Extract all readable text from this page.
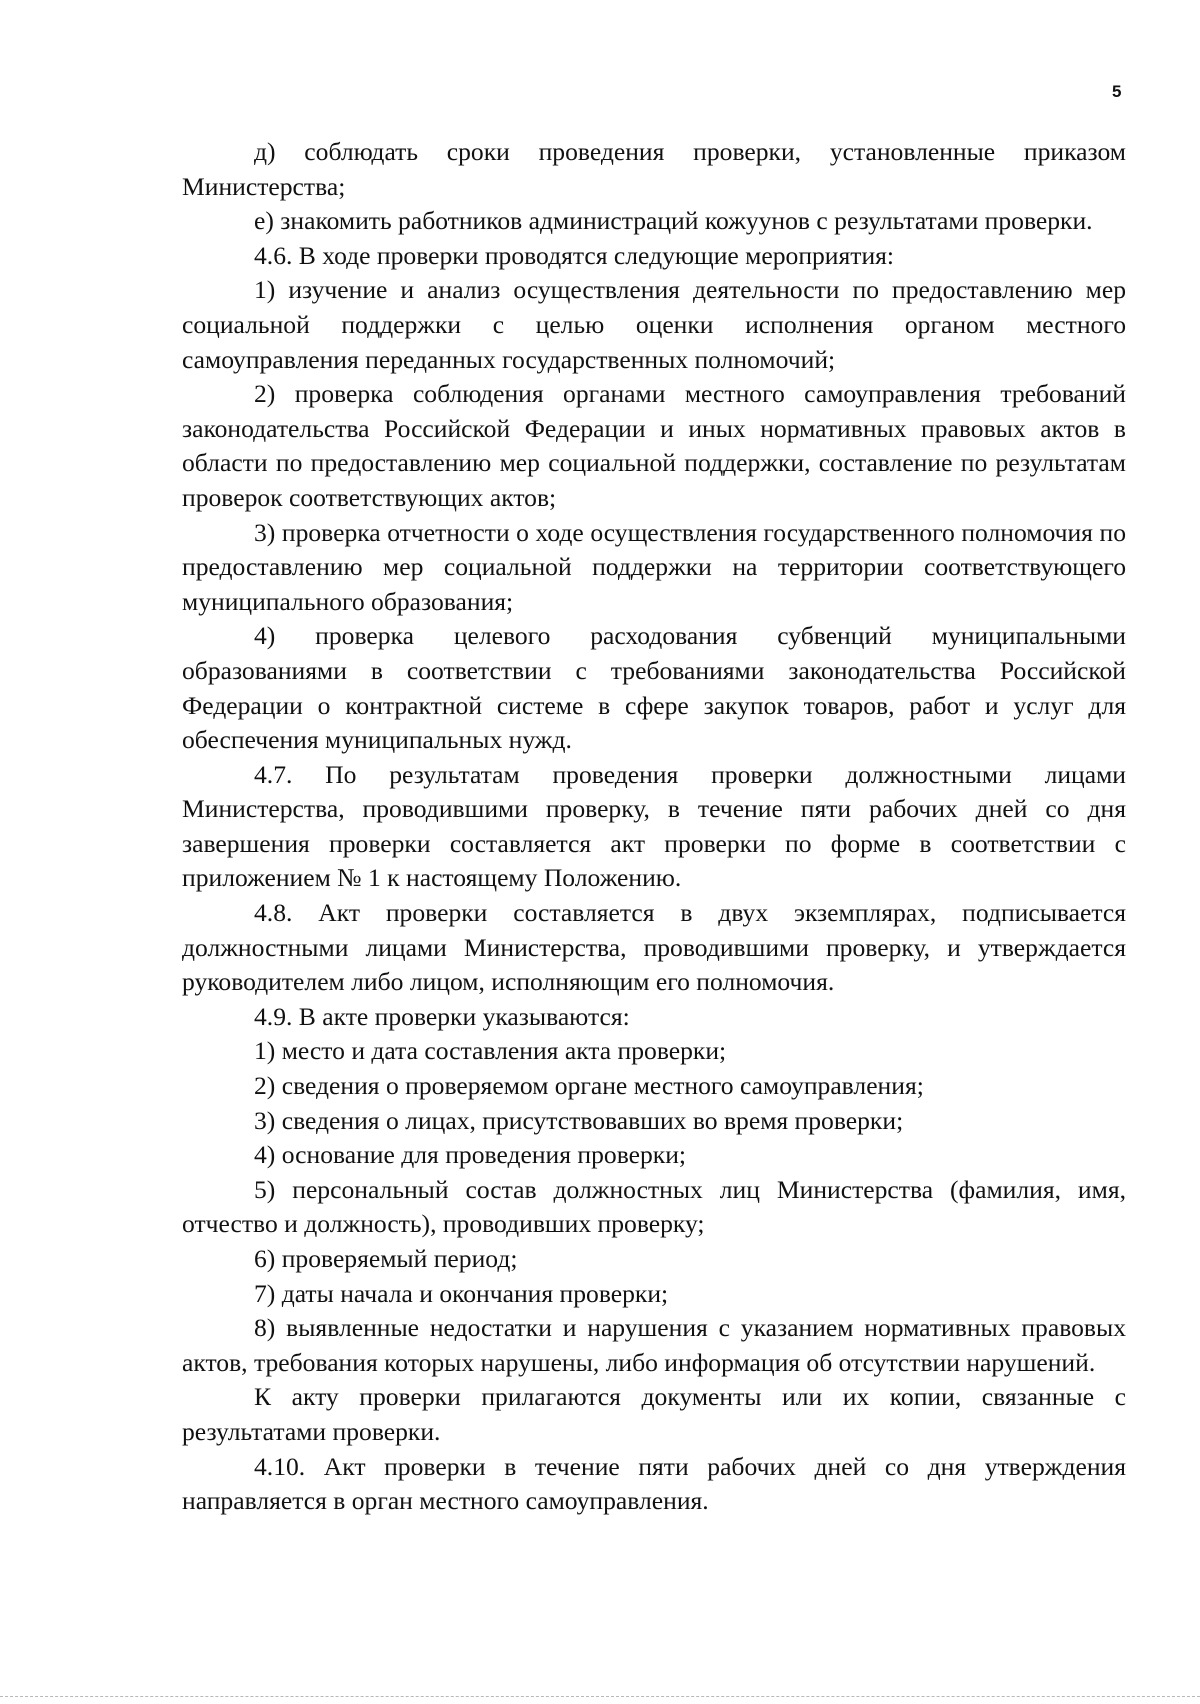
5

д) соблюдать сроки проведения проверки, установленные приказом Министерства;

е) знакомить работников администраций кожуунов с результатами проверки.

4.6. В ходе проверки проводятся следующие мероприятия:

1) изучение и анализ осуществления деятельности по предоставлению мер социальной поддержки с целью оценки исполнения органом местного самоуправления переданных государственных полномочий;

2) проверка соблюдения органами местного самоуправления требований законодательства Российской Федерации и иных нормативных правовых актов в области по предоставлению мер социальной поддержки, составление по результатам проверок соответствующих актов;

3) проверка отчетности о ходе осуществления государственного полномочия по предоставлению мер социальной поддержки на территории соответствующего муниципального образования;

4) проверка целевого расходования субвенций муниципальными образованиями в соответствии с требованиями законодательства Российской Федерации о контрактной системе в сфере закупок товаров, работ и услуг для обеспечения муниципальных нужд.

4.7. По результатам проведения проверки должностными лицами Министерства, проводившими проверку, в течение пяти рабочих дней со дня завершения проверки составляется акт проверки по форме в соответствии с приложением № 1 к настоящему Положению.

4.8. Акт проверки составляется в двух экземплярах, подписывается должностными лицами Министерства, проводившими проверку, и утверждается руководителем либо лицом, исполняющим его полномочия.

4.9. В акте проверки указываются:

1) место и дата составления акта проверки;

2) сведения о проверяемом органе местного самоуправления;

3) сведения о лицах, присутствовавших во время проверки;

4) основание для проведения проверки;

5) персональный состав должностных лиц Министерства (фамилия, имя, отчество и должность), проводивших проверку;

6) проверяемый период;

7) даты начала и окончания проверки;

8) выявленные недостатки и нарушения с указанием нормативных правовых актов, требования которых нарушены, либо информация об отсутствии нарушений.

К акту проверки прилагаются документы или их копии, связанные с результатами проверки.

4.10. Акт проверки в течение пяти рабочих дней со дня утверждения направляется в орган местного самоуправления.
